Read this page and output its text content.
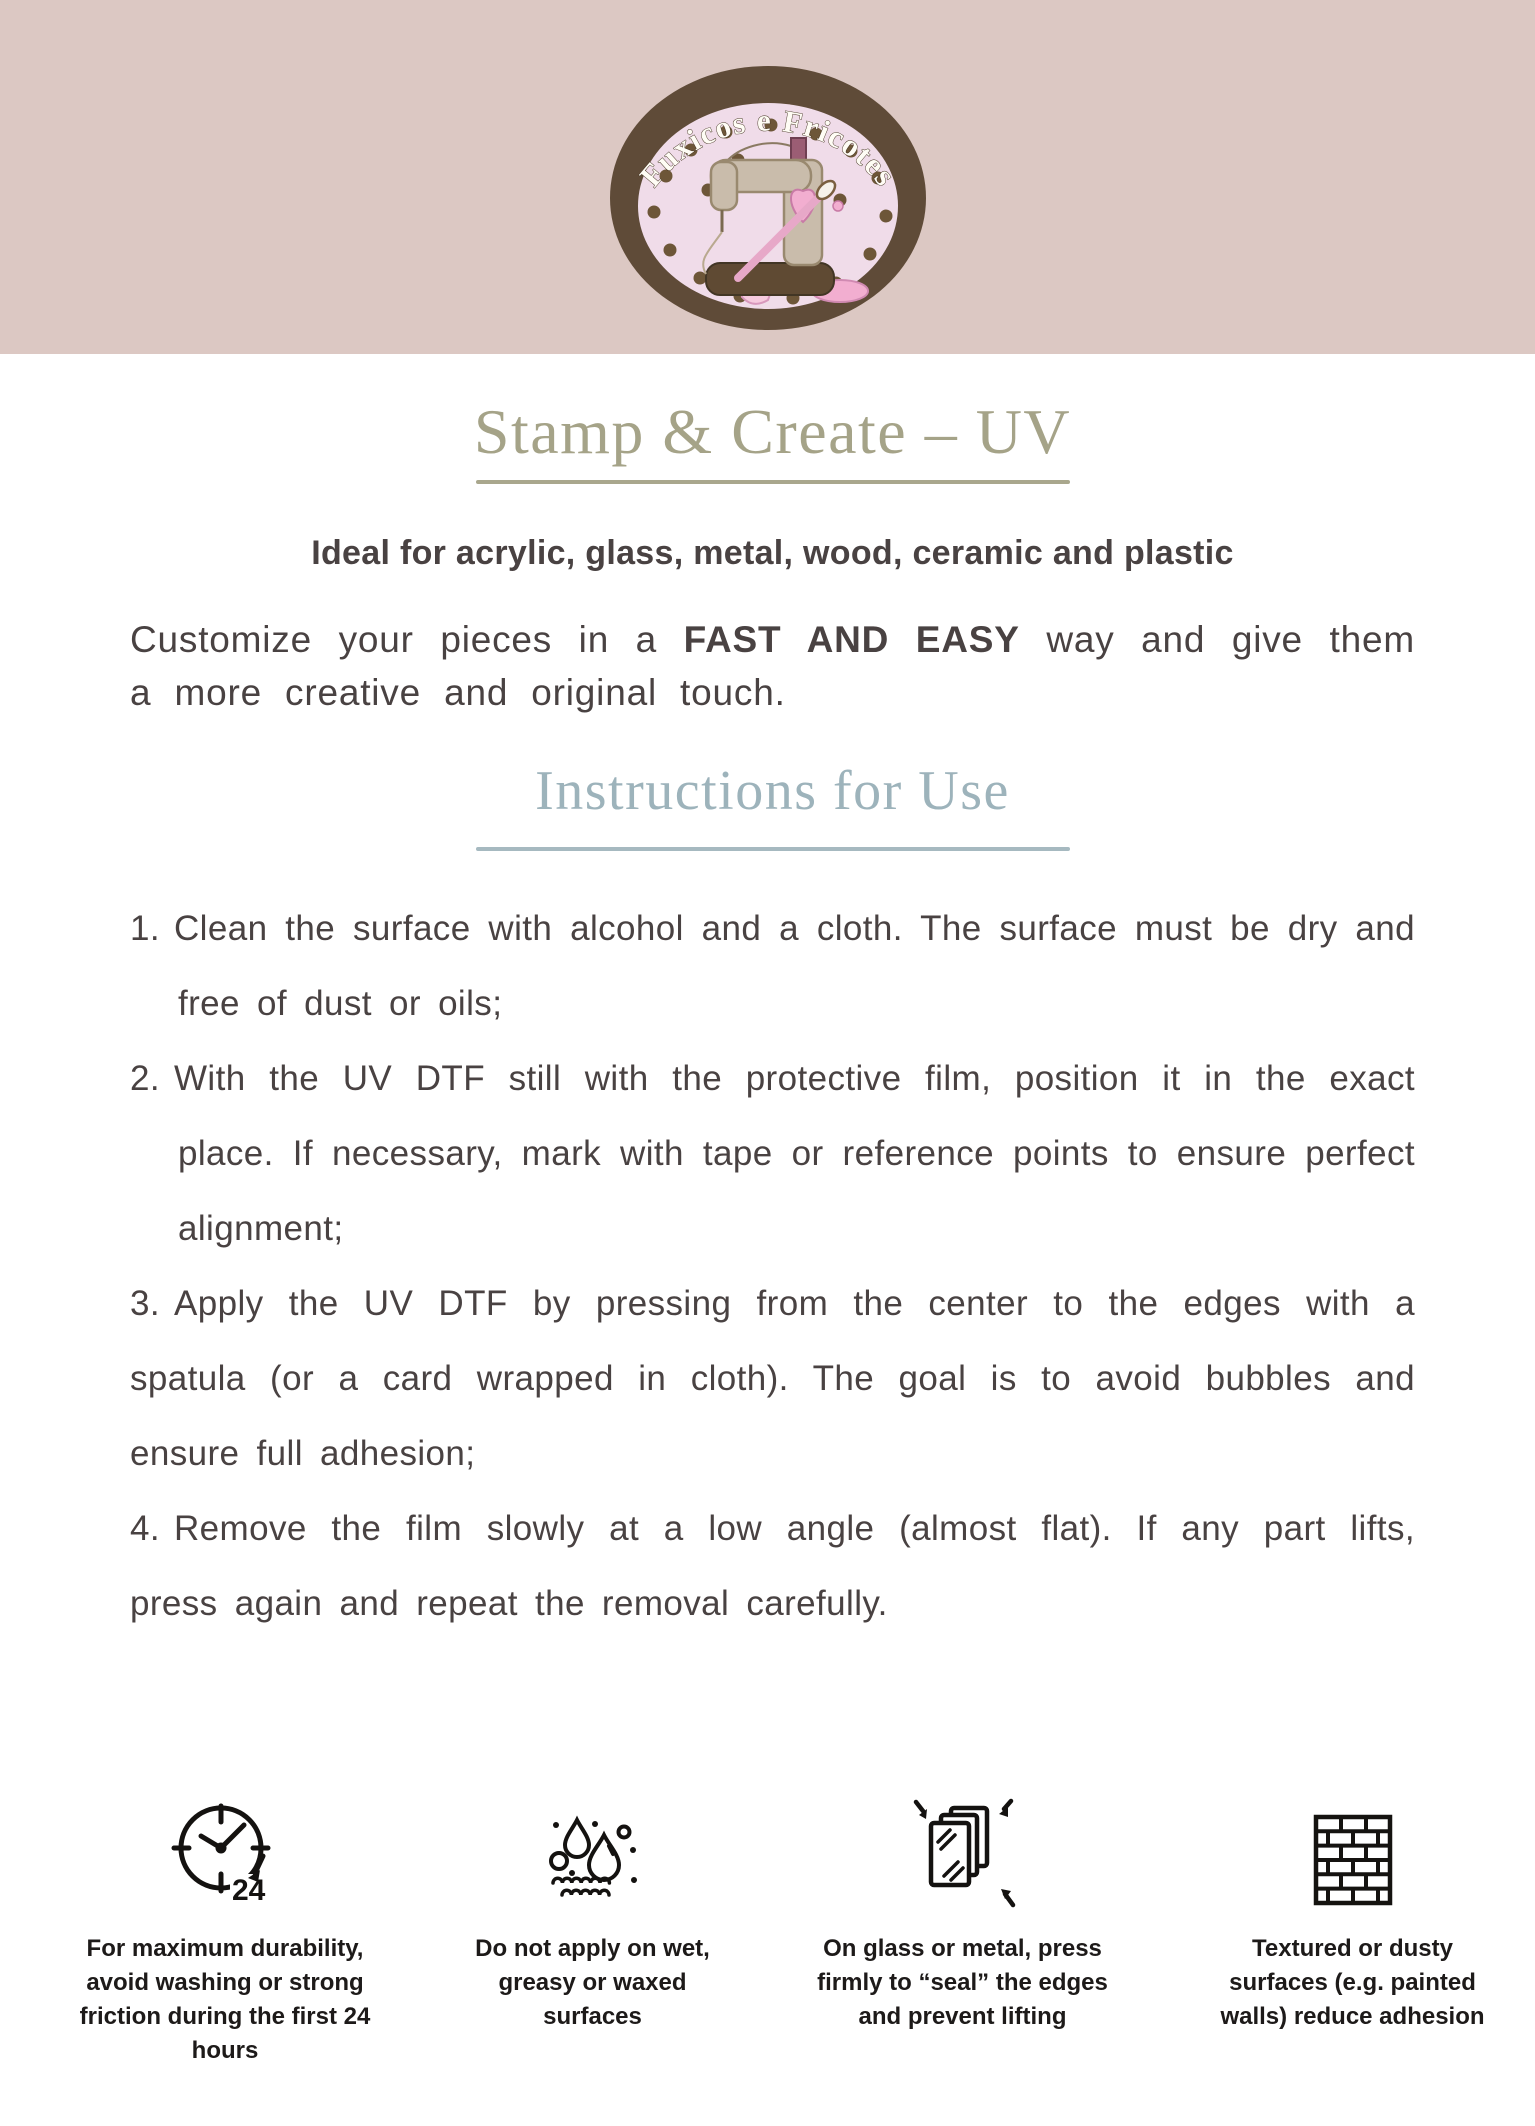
Fuxicos e Fricotes
Stamp & Create – UV
Ideal for acrylic, glass, metal, wood, ceramic and plastic

Customize your pieces in a FAST AND EASY way and give them a more creative and original touch.

Instructions for Use
1. Clean the surface with alcohol and a cloth. The surface must be dry and free of dust or oils;
2. With the UV DTF still with the protective film, position it in the exact place. If necessary, mark with tape or reference points to ensure perfect alignment;
3. Apply the UV DTF by pressing from the center to the edges with a spatula (or a card wrapped in cloth). The goal is to avoid bubbles and ensure full adhesion;
4. Remove the film slowly at a low angle (almost flat). If any part lifts, press again and repeat the removal carefully.
24
For maximum durability, avoid washing or strong friction during the first 24 hours
Do not apply on wet, greasy or waxed surfaces
On glass or metal, press firmly to “seal” the edges and prevent lifting
Textured or dusty surfaces (e.g. painted walls) reduce adhesion
